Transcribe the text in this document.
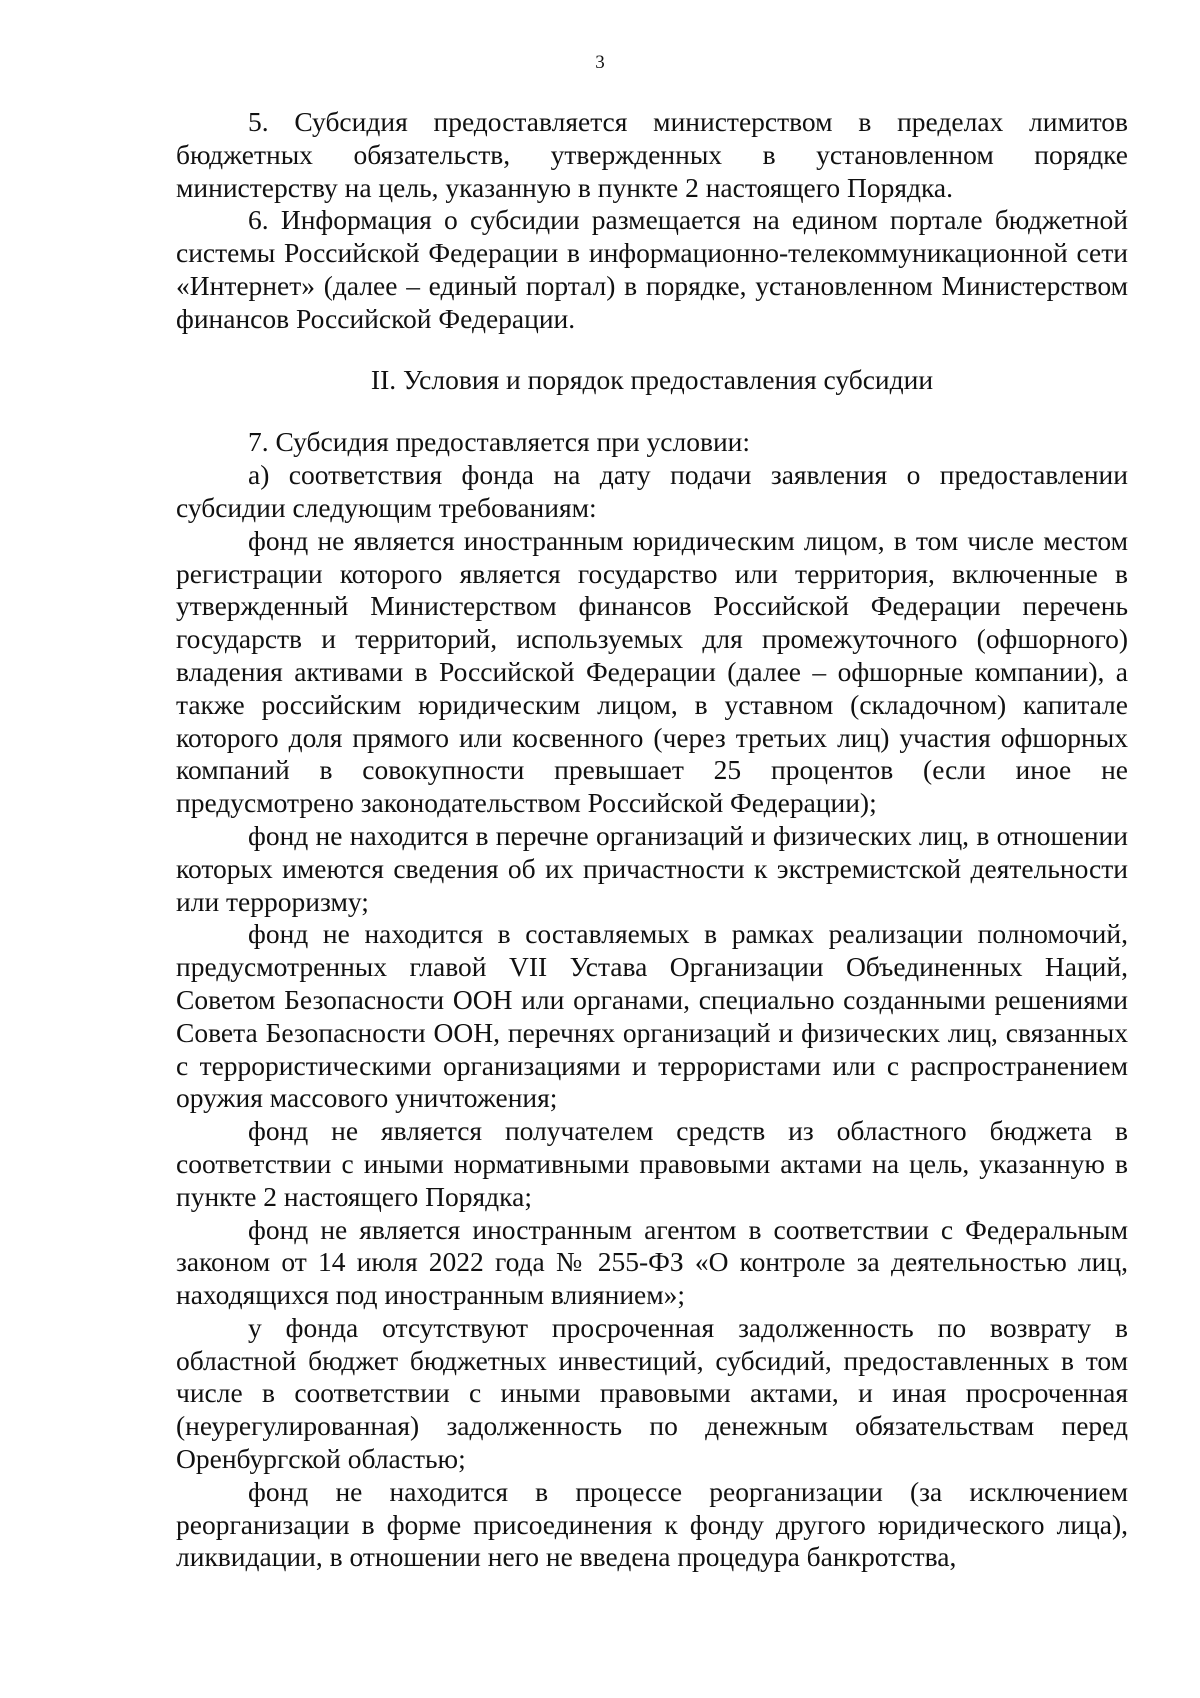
3

5. Субсидия предоставляется министерством в пределах лимитов бюджетных обязательств, утвержденных в установленном порядке министерству на цель, указанную в пункте 2 настоящего Порядка.

6. Информация о субсидии размещается на едином портале бюджетной системы Российской Федерации в информационно-телекоммуникационной сети «Интернет» (далее – единый портал) в порядке, установленном Министерством финансов Российской Федерации.

II. Условия и порядок предоставления субсидии

7. Субсидия предоставляется при условии:

а) соответствия фонда на дату подачи заявления о предоставлении субсидии следующим требованиям:

фонд не является иностранным юридическим лицом, в том числе местом регистрации которого является государство или территория, включенные в утвержденный Министерством финансов Российской Федерации перечень государств и территорий, используемых для промежуточного (офшорного) владения активами в Российской Федерации (далее – офшорные компании), а также российским юридическим лицом, в уставном (складочном) капитале которого доля прямого или косвенного (через третьих лиц) участия офшорных компаний в совокупности превышает 25 процентов (если иное не предусмотрено законодательством Российской Федерации);

фонд не находится в перечне организаций и физических лиц, в отношении которых имеются сведения об их причастности к экстремистской деятельности или терроризму;

фонд не находится в составляемых в рамках реализации полномочий, предусмотренных главой VII Устава Организации Объединенных Наций, Советом Безопасности ООН или органами, специально созданными решениями Совета Безопасности ООН, перечнях организаций и физических лиц, связанных с террористическими организациями и террористами или с распространением оружия массового уничтожения;

фонд не является получателем средств из областного бюджета в соответствии с иными нормативными правовыми актами на цель, указанную в пункте 2 настоящего Порядка;

фонд не является иностранным агентом в соответствии с Федеральным законом от 14 июля 2022 года № 255-ФЗ «О контроле за деятельностью лиц, находящихся под иностранным влиянием»;

у фонда отсутствуют просроченная задолженность по возврату в областной бюджет бюджетных инвестиций, субсидий, предоставленных в том числе в соответствии с иными правовыми актами, и иная просроченная (неурегулированная) задолженность по денежным обязательствам перед Оренбургской областью;

фонд не находится в процессе реорганизации (за исключением реорганизации в форме присоединения к фонду другого юридического лица), ликвидации, в отношении него не введена процедура банкротства,
